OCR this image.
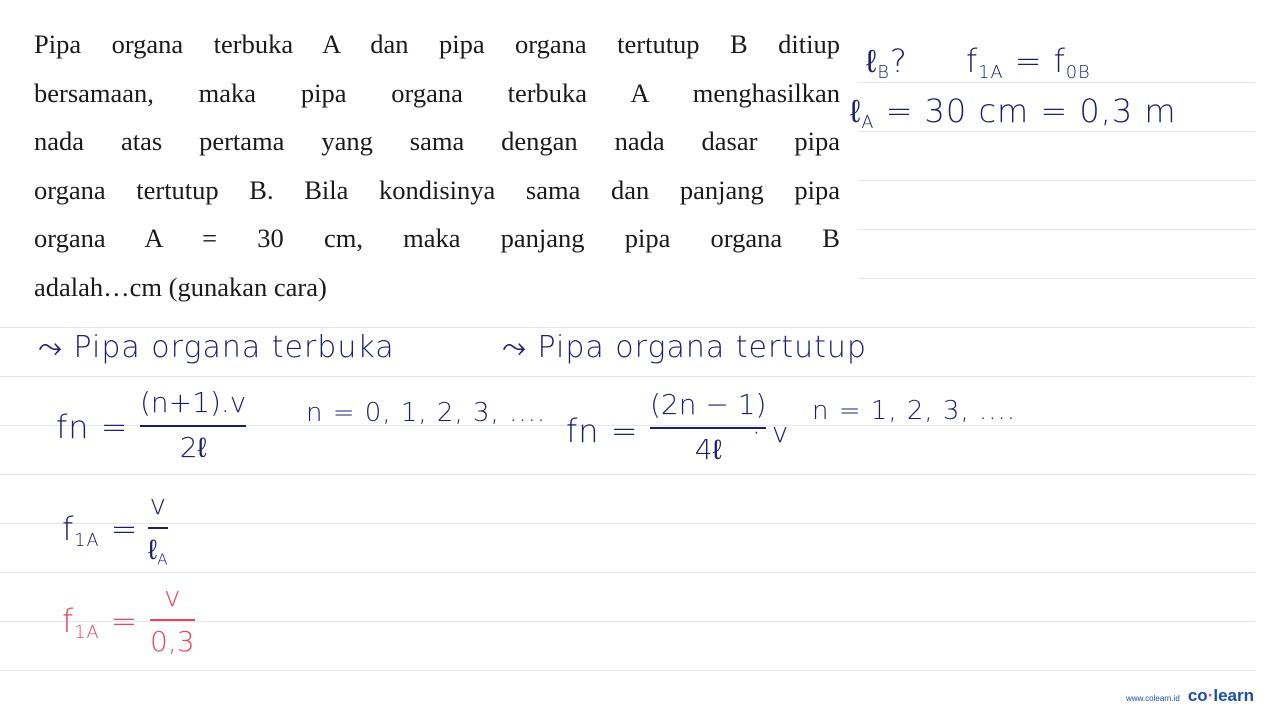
Pipa organa terbuka A dan pipa organa tertutup B ditiup

bersamaan, maka pipa organa terbuka A menghasilkan

nada atas pertama yang sama dengan nada dasar pipa

organa tertutup B. Bila kondisinya sama dan panjang pipa

organa A = 30 cm, maka panjang pipa organa B

adalah…cm (gunakan cara)

ℓ$_B$? $f_{1A} = f_{0B}$
ℓ$_A$ = 30 cm = 0,3 m
⤳ Pipa organa terbuka	⤳ Pipa organa tertutup
fn =
(n+1).v
2ℓ
n = 0, 1, 2, 3, .... fn =
(2n − 1)
4ℓ
· v
n = 1, 2, 3, ....
$f_{1A}$ =
v
ℓ$_A$
$f_{1A}$ =
v
0,3
www.colearn.id co·learn
